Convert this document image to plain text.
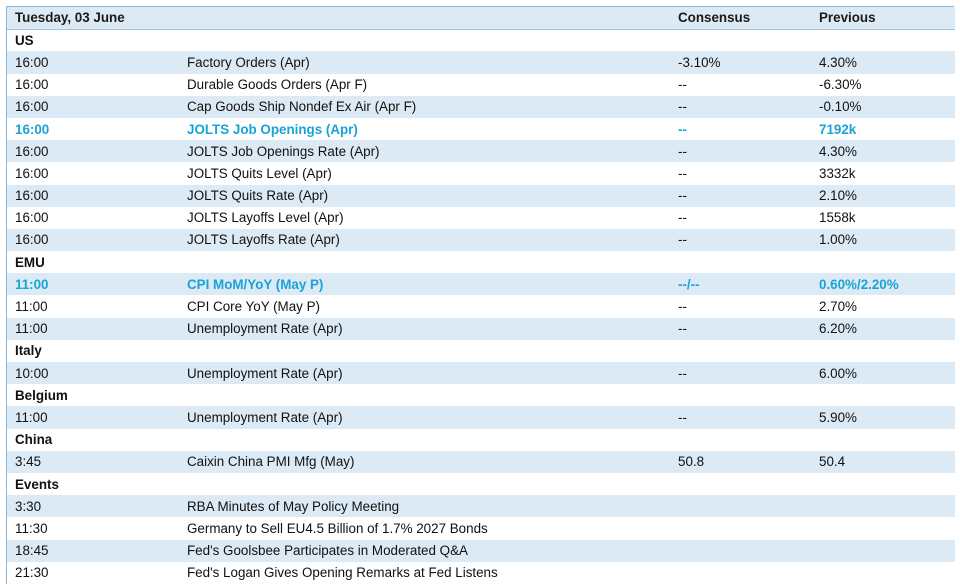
Tuesday, 03 June		Consensus	Previous
US			
16:00	Factory Orders (Apr)	-3.10%	4.30%
16:00	Durable Goods Orders (Apr F)	--	-6.30%
16:00	Cap Goods Ship Nondef Ex Air (Apr F)	--	-0.10%
16:00	JOLTS Job Openings (Apr)	--	7192k
16:00	JOLTS Job Openings Rate (Apr)	--	4.30%
16:00	JOLTS Quits Level (Apr)	--	3332k
16:00	JOLTS Quits Rate (Apr)	--	2.10%
16:00	JOLTS Layoffs Level (Apr)	--	1558k
16:00	JOLTS Layoffs Rate (Apr)	--	1.00%
EMU			
11:00	CPI MoM/YoY (May P)	--/--	0.60%/2.20%
11:00	CPI Core YoY (May P)	--	2.70%
11:00	Unemployment Rate (Apr)	--	6.20%
Italy			
10:00	Unemployment Rate (Apr)	--	6.00%
Belgium			
11:00	Unemployment Rate (Apr)	--	5.90%
China			
3:45	Caixin China PMI Mfg (May)	50.8	50.4
Events			
3:30	RBA Minutes of May Policy Meeting		
11:30	Germany to Sell EU4.5 Billion of 1.7% 2027 Bonds		
18:45	Fed's Goolsbee Participates in Moderated Q&A		
21:30	Fed's Logan Gives Opening Remarks at Fed Listens		
